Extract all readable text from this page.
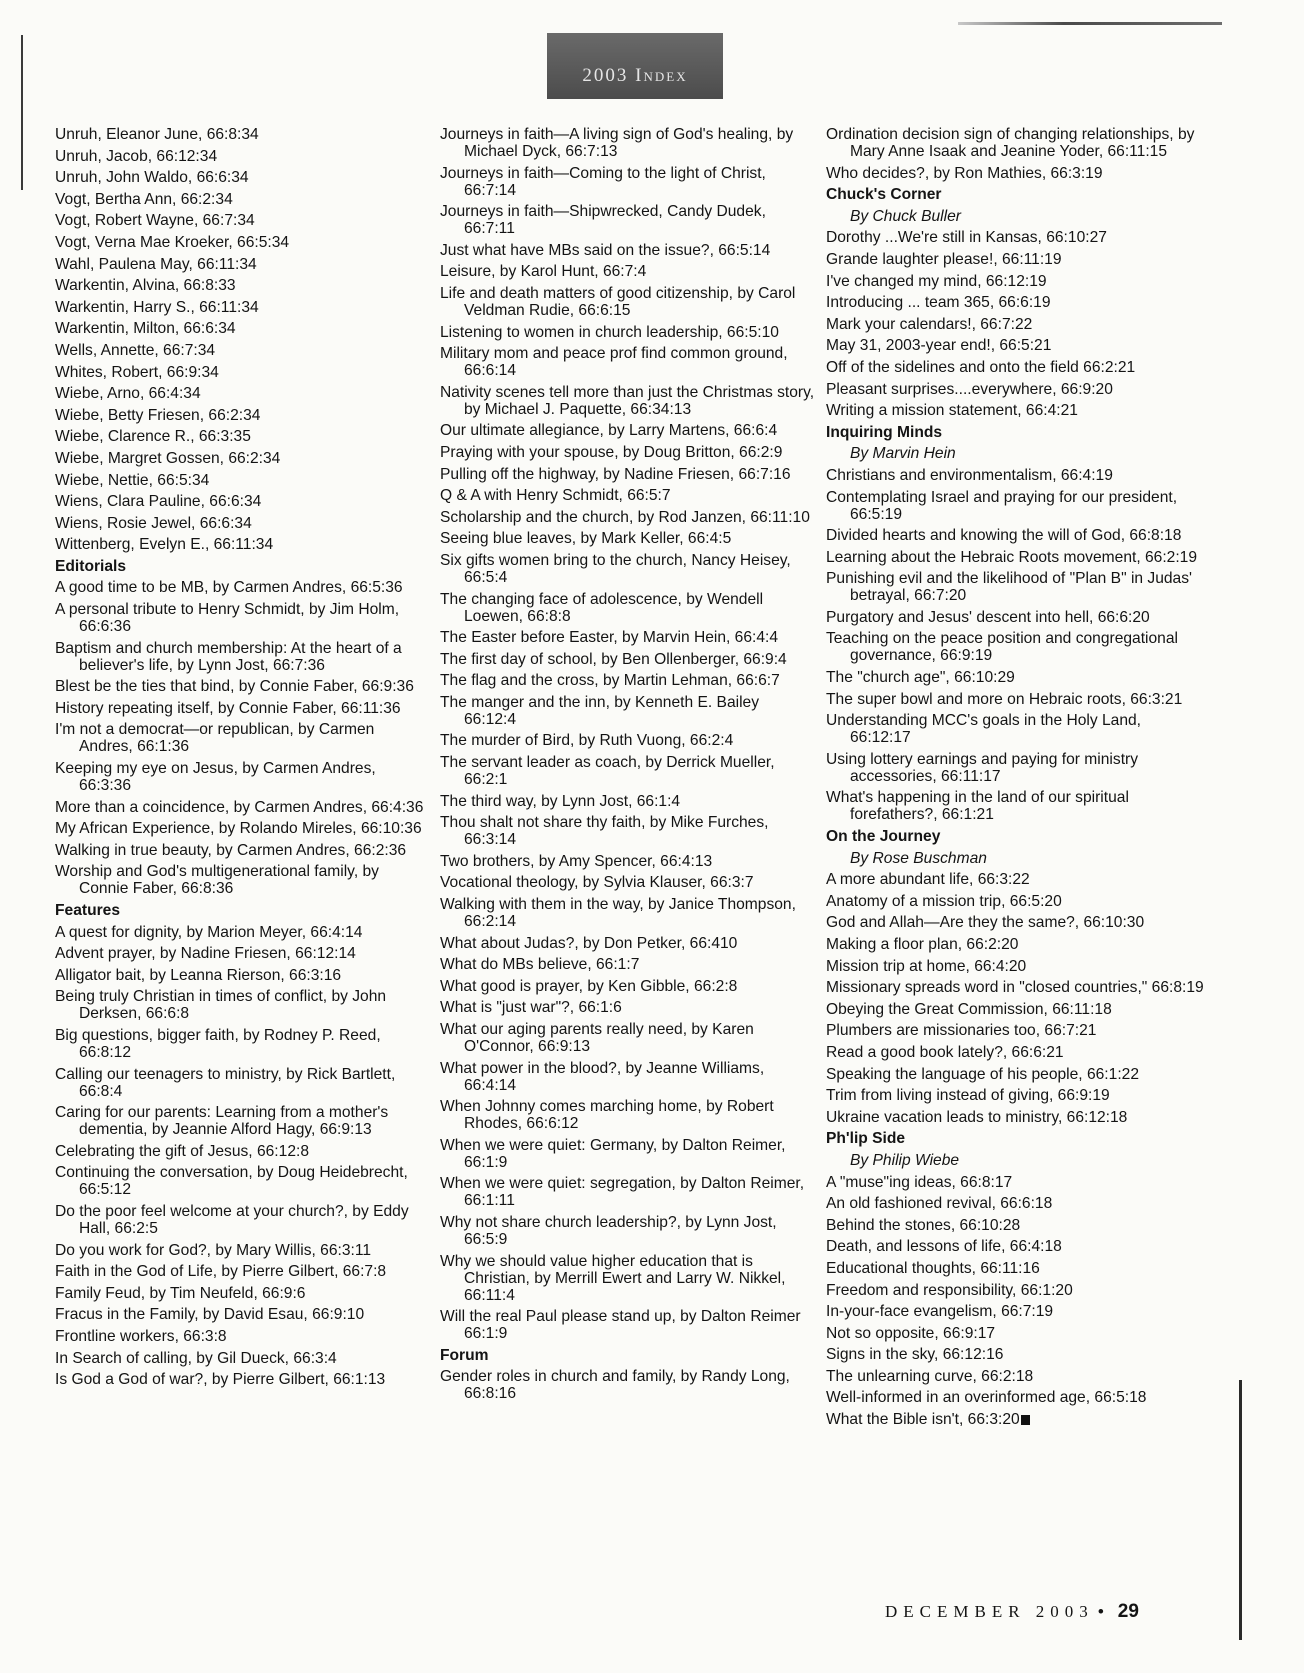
2003 Index
Unruh, Eleanor June, 66:8:34
Unruh, Jacob, 66:12:34
Unruh, John Waldo, 66:6:34
Vogt, Bertha Ann, 66:2:34
Vogt, Robert Wayne, 66:7:34
Vogt, Verna Mae Kroeker, 66:5:34
Wahl, Paulena May, 66:11:34
Warkentin, Alvina, 66:8:33
Warkentin, Harry S., 66:11:34
Warkentin, Milton, 66:6:34
Wells, Annette, 66:7:34
Whites, Robert, 66:9:34
Wiebe, Arno, 66:4:34
Wiebe, Betty Friesen, 66:2:34
Wiebe, Clarence R., 66:3:35
Wiebe, Margret Gossen, 66:2:34
Wiebe, Nettie, 66:5:34
Wiens, Clara Pauline, 66:6:34
Wiens, Rosie Jewel, 66:6:34
Wittenberg, Evelyn E., 66:11:34
Editorials
A good time to be MB, by Carmen Andres, 66:5:36
A personal tribute to Henry Schmidt, by Jim Holm, 66:6:36
Baptism and church membership: At the heart of a believer's life, by Lynn Jost, 66:7:36
Blest be the ties that bind, by Connie Faber, 66:9:36
History repeating itself, by Connie Faber, 66:11:36
I'm not a democrat—or republican, by Carmen Andres, 66:1:36
Keeping my eye on Jesus, by Carmen Andres, 66:3:36
More than a coincidence, by Carmen Andres, 66:4:36
My African Experience, by Rolando Mireles, 66:10:36
Walking in true beauty, by Carmen Andres, 66:2:36
Worship and God's multigenerational family, by Connie Faber, 66:8:36
Features
A quest for dignity, by Marion Meyer, 66:4:14
Advent prayer, by Nadine Friesen, 66:12:14
Alligator bait, by Leanna Rierson, 66:3:16
Being truly Christian in times of conflict, by John Derksen, 66:6:8
Big questions, bigger faith, by Rodney P. Reed, 66:8:12
Calling our teenagers to ministry, by Rick Bartlett, 66:8:4
Caring for our parents: Learning from a mother's dementia, by Jeannie Alford Hagy, 66:9:13
Celebrating the gift of Jesus, 66:12:8
Continuing the conversation, by Doug Heidebrecht, 66:5:12
Do the poor feel welcome at your church?, by Eddy Hall, 66:2:5
Do you work for God?, by Mary Willis, 66:3:11
Faith in the God of Life, by Pierre Gilbert, 66:7:8
Family Feud, by Tim Neufeld, 66:9:6
Fracus in the Family, by David Esau, 66:9:10
Frontline workers, 66:3:8
In Search of calling, by Gil Dueck, 66:3:4
Is God a God of war?, by Pierre Gilbert, 66:1:13
Journeys in faith—A living sign of God's healing, by Michael Dyck, 66:7:13
Journeys in faith—Coming to the light of Christ, 66:7:14
Journeys in faith—Shipwrecked, Candy Dudek, 66:7:11
Just what have MBs said on the issue?, 66:5:14
Leisure, by Karol Hunt, 66:7:4
Life and death matters of good citizenship, by Carol Veldman Rudie, 66:6:15
Listening to women in church leadership, 66:5:10
Military mom and peace prof find common ground, 66:6:14
Nativity scenes tell more than just the Christmas story, by Michael J. Paquette, 66:34:13
Our ultimate allegiance, by Larry Martens, 66:6:4
Praying with your spouse, by Doug Britton, 66:2:9
Pulling off the highway, by Nadine Friesen, 66:7:16
Q & A with Henry Schmidt, 66:5:7
Scholarship and the church, by Rod Janzen, 66:11:10
Seeing blue leaves, by Mark Keller, 66:4:5
Six gifts women bring to the church, Nancy Heisey, 66:5:4
The changing face of adolescence, by Wendell Loewen, 66:8:8
The Easter before Easter, by Marvin Hein, 66:4:4
The first day of school, by Ben Ollenberger, 66:9:4
The flag and the cross, by Martin Lehman, 66:6:7
The manger and the inn, by Kenneth E. Bailey 66:12:4
The murder of Bird, by Ruth Vuong, 66:2:4
The servant leader as coach, by Derrick Mueller, 66:2:1
The third way, by Lynn Jost, 66:1:4
Thou shalt not share thy faith, by Mike Furches, 66:3:14
Two brothers, by Amy Spencer, 66:4:13
Vocational theology, by Sylvia Klauser, 66:3:7
Walking with them in the way, by Janice Thompson, 66:2:14
What about Judas?, by Don Petker, 66:410
What do MBs believe, 66:1:7
What good is prayer, by Ken Gibble, 66:2:8
What is "just war"?, 66:1:6
What our aging parents really need, by Karen O'Connor, 66:9:13
What power in the blood?, by Jeanne Williams, 66:4:14
When Johnny comes marching home, by Robert Rhodes, 66:6:12
When we were quiet: Germany, by Dalton Reimer, 66:1:9
When we were quiet: segregation, by Dalton Reimer, 66:1:11
Why not share church leadership?, by Lynn Jost, 66:5:9
Why we should value higher education that is Christian, by Merrill Ewert and Larry W. Nikkel, 66:11:4
Will the real Paul please stand up, by Dalton Reimer 66:1:9
Forum
Gender roles in church and family, by Randy Long, 66:8:16
Ordination decision sign of changing relationships, by Mary Anne Isaak and Jeanine Yoder, 66:11:15
Who decides?, by Ron Mathies, 66:3:19
Chuck's Corner
By Chuck Buller
Dorothy ...We're still in Kansas, 66:10:27
Grande laughter please!, 66:11:19
I've changed my mind, 66:12:19
Introducing ... team 365, 66:6:19
Mark your calendars!, 66:7:22
May 31, 2003-year end!, 66:5:21
Off of the sidelines and onto the field 66:2:21
Pleasant surprises....everywhere, 66:9:20
Writing a mission statement, 66:4:21
Inquiring Minds
By Marvin Hein
Christians and environmentalism, 66:4:19
Contemplating Israel and praying for our president, 66:5:19
Divided hearts and knowing the will of God, 66:8:18
Learning about the Hebraic Roots movement, 66:2:19
Punishing evil and the likelihood of "Plan B" in Judas' betrayal, 66:7:20
Purgatory and Jesus' descent into hell, 66:6:20
Teaching on the peace position and congregational governance, 66:9:19
The "church age", 66:10:29
The super bowl and more on Hebraic roots, 66:3:21
Understanding MCC's goals in the Holy Land, 66:12:17
Using lottery earnings and paying for ministry accessories, 66:11:17
What's happening in the land of our spiritual forefathers?, 66:1:21
On the Journey
By Rose Buschman
A more abundant life, 66:3:22
Anatomy of a mission trip, 66:5:20
God and Allah—Are they the same?, 66:10:30
Making a floor plan, 66:2:20
Mission trip at home, 66:4:20
Missionary spreads word in "closed countries," 66:8:19
Obeying the Great Commission, 66:11:18
Plumbers are missionaries too, 66:7:21
Read a good book lately?, 66:6:21
Speaking the language of his people, 66:1:22
Trim from living instead of giving, 66:9:19
Ukraine vacation leads to ministry, 66:12:18
Ph'lip Side
By Philip Wiebe
A "muse"ing ideas, 66:8:17
An old fashioned revival, 66:6:18
Behind the stones, 66:10:28
Death, and lessons of life, 66:4:18
Educational thoughts, 66:11:16
Freedom and responsibility, 66:1:20
In-your-face evangelism, 66:7:19
Not so opposite, 66:9:17
Signs in the sky, 66:12:16
The unlearning curve, 66:2:18
Well-informed in an overinformed age, 66:5:18
What the Bible isn't, 66:3:20
DECEMBER 2003 • 29
